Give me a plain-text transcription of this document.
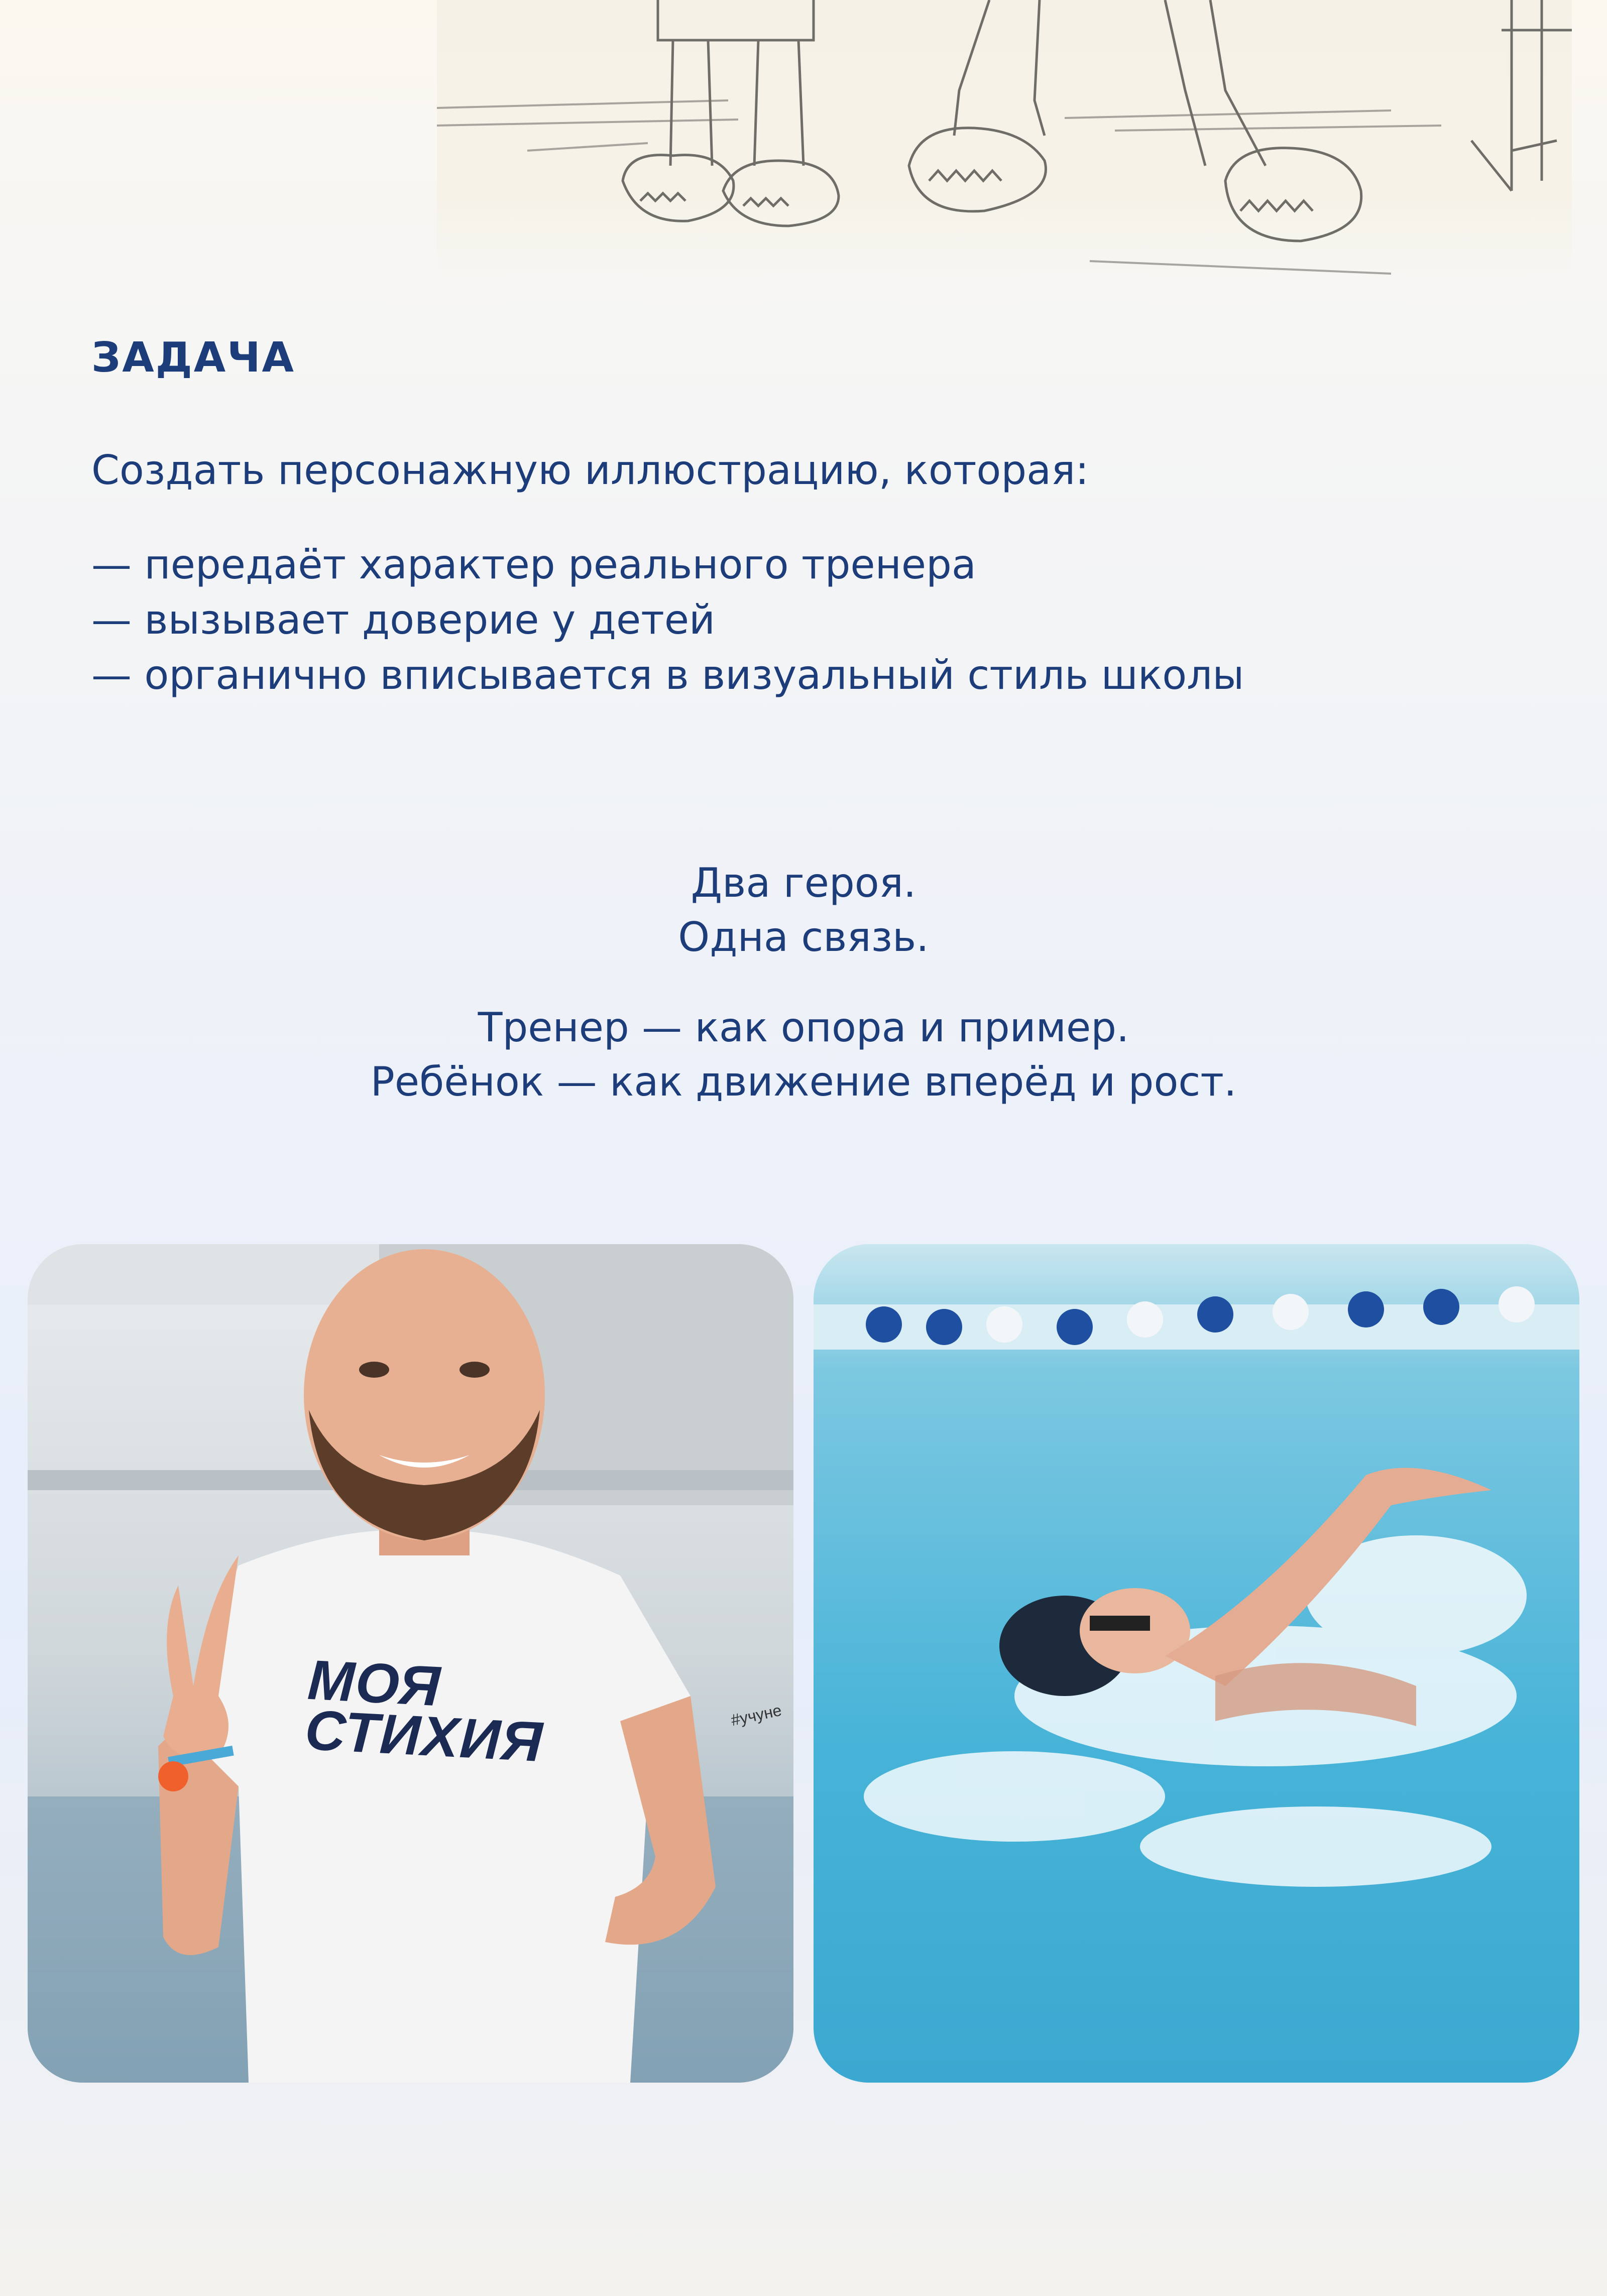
ЗАДАЧА
Создать персонажную иллюстрацию, которая:
— передаёт характер реального тренера
— вызывает доверие у детей
— органично вписывается в визуальный стиль школы
Два героя.
Одна связь.
Тренер — как опора и пример.
Ребёнок — как движение вперёд и рост.
МОЯ
СТИХИЯ	#учуне
